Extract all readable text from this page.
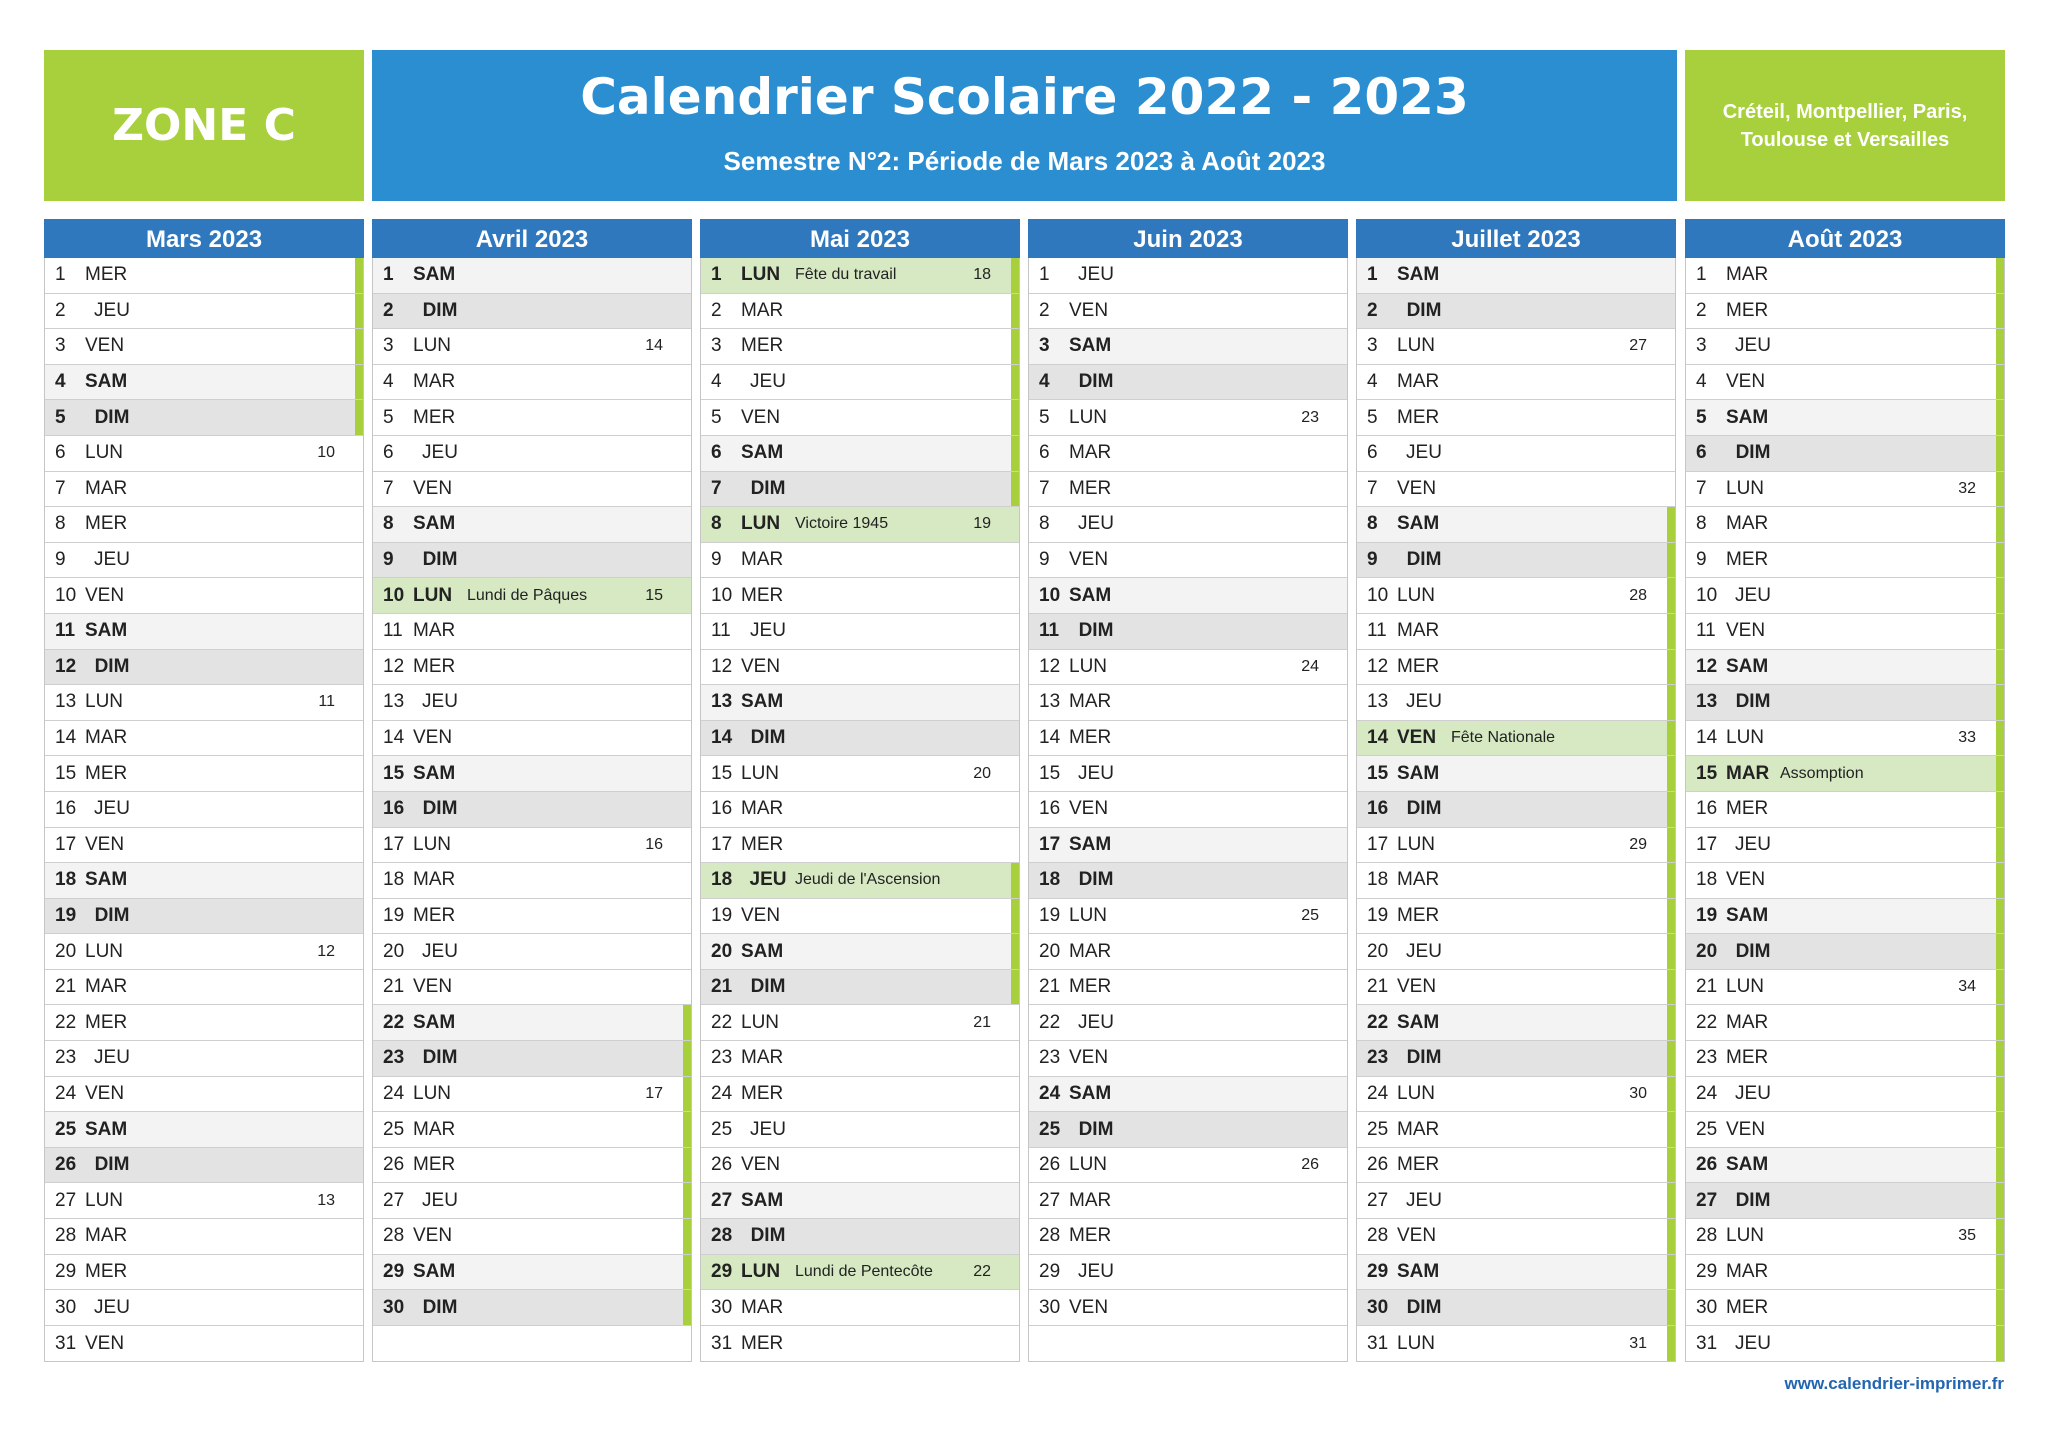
ZONE C	Calendrier Scolaire 2022 - 2023
Semestre N°2: Période de Mars 2023 à Août 2023
Créteil, Montpellier, Paris,
Toulouse et Versailles
Mars 2023
1	MER
2	JEU
3	VEN
4	SAM
5	DIM
6	LUN	10
7	MAR
8	MER
9	JEU
10 VEN
11 SAM
12 DIM
13 LUN	11
14 MAR
15 MER
16 JEU
17 VEN
18 SAM
19 DIM
20 LUN	12
21 MAR
22 MER
23 JEU
24 VEN
25 SAM
26 DIM
27 LUN	13
28 MAR
29 MER
30 JEU
31 VEN
Avril 2023
1	SAM
2	DIM
3	LUN	14
4	MAR
5	MER
6	JEU
7	VEN
8	SAM
9	DIM
10 LUN Lundi de Pâques	15
11 MAR
12 MER
13 JEU
14 VEN
15 SAM
16 DIM
17 LUN	16
18 MAR
19 MER
20 JEU
21 VEN
22 SAM
23 DIM
24 LUN	17
25 MAR
26 MER
27 JEU
28 VEN
29 SAM
30 DIM
Mai 2023
1	LUN Fête du travail	18
2	MAR
3	MER
4	JEU
5	VEN
6	SAM
7	DIM
8	LUN Victoire 1945	19
9	MAR
10 MER
11	JEU
12 VEN
13 SAM
14 DIM
15 LUN	20
16 MAR
17 MER
18 JEU Jeudi de l'Ascension
19 VEN
20 SAM
21 DIM
22 LUN	21
23 MAR
24 MER
25 JEU
26 VEN
27 SAM
28 DIM
29 LUN Lundi de Pentecôte	22
30 MAR
31 MER
Juin 2023
1	JEU
2	VEN
3	SAM
4	DIM
5	LUN	23
6	MAR
7	MER
8	JEU
9	VEN
10 SAM
11	DIM
12 LUN	24
13 MAR
14 MER
15 JEU
16 VEN
17 SAM
18 DIM
19 LUN	25
20 MAR
21 MER
22 JEU
23 VEN
24 SAM
25 DIM
26 LUN	26
27 MAR
28 MER
29 JEU
30 VEN
Juillet 2023
1	SAM
2	DIM
3	LUN	27
4	MAR
5	MER
6	JEU
7	VEN
8	SAM
9	DIM
10 LUN	28
11 MAR
12 MER
13 JEU
14 VEN Fête Nationale
15 SAM
16 DIM
17 LUN	29
18 MAR
19 MER
20 JEU
21 VEN
22 SAM
23 DIM
24 LUN	30
25 MAR
26 MER
27 JEU
28 VEN
29 SAM
30 DIM
31 LUN	31
Août 2023
1	MAR
2	MER
3	JEU
4	VEN
5	SAM
6	DIM
7	LUN	32
8	MAR
9	MER
10 JEU
11 VEN
12 SAM
13 DIM
14 LUN	33
15 MAR Assomption
16 MER
17 JEU
18 VEN
19 SAM
20 DIM
21 LUN	34
22 MAR
23 MER
24 JEU
25 VEN
26 SAM
27 DIM
28 LUN	35
29 MAR
30 MER
31 JEU
www.calendrier-imprimer.fr
